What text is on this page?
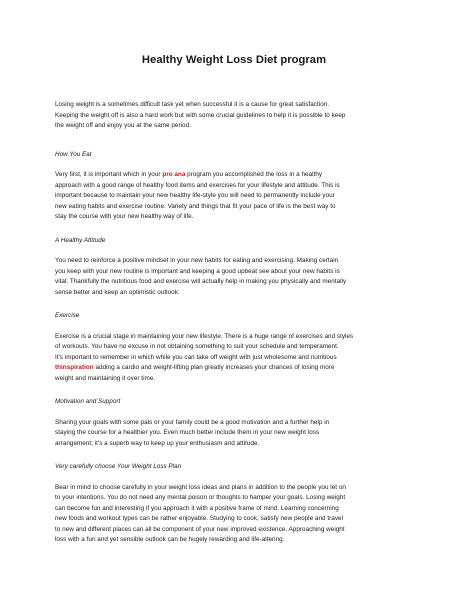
Healthy Weight Loss Diet program
Losing weight is a sometimes difficult task yet when successful it is a cause for great satisfaction.
Keeping the weight off is also a hard work but with some crucial guidelines to help it is possible to keep
the weight off and enjoy you at the same period.
How You Eat
Very first, it is important which in your pro ana program you accomplished the loss in a healthy
approach with a good range of healthy food items and exercises for your lifestyle and attitude. This is
important because to maintain your new healthy life-style you will need to permanently include your
new eating habits and exercise routine. Variety and things that fit your pace of life is the best way to
stay the course with your new healthy way of life.
A Healthy Attitude
You need to reinforce a positive mindset in your new habits for eating and exercising. Making certain
you keep with your new routine is important and keeping a good upbeat see about your new habits is
vital. Thankfully the nutritious food and exercise will actually help in making you physically and mentally
sense better and keep an optimistic outlook.
Exercise
Exercise is a crucial stage in maintaining your new lifestyle. There is a huge range of exercises and styles
of workouts. You have no excuse in not obtaining something to suit your schedule and temperament.
It's important to remember in which while you can take off weight with just wholesome and nutritious
thinspiration adding a cardio and weight-lifting plan greatly increases your chances of losing more
weight and maintaining it over time.
Motivation and Support
Sharing your goals with some pals or your family could be a good motivation and a further help in
staying the course for a healthier you. Even much better include them in your new weight loss
arrangement; it's a superb way to keep up your enthusiasm and attitude.
Very carefully choose Your Weight Loss Plan
Bear in mind to choose carefully in your weight loss ideas and plans in addition to the people you let on
to your intentions. You do not need any mental poison or thoughts to hamper your goals. Losing weight
can become fun and interesting if you approach it with a positive frame of mind. Learning concerning
new foods and workout types can be rather enjoyable. Studying to cook, satisfy new people and travel
to new and different places can all be component of your new improved existence. Approaching weight
loss with a fun and yet sensible outlook can be hugely rewarding and life-altering.
